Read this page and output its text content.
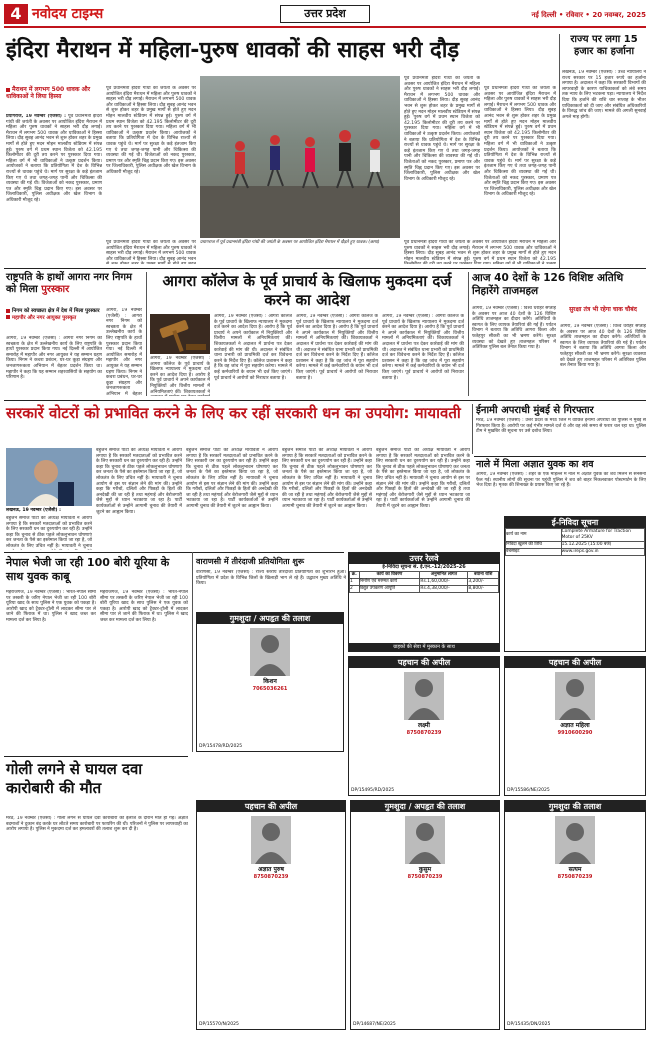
4 नवोदय टाइम्स	उत्तर प्रदेश	नई दिल्ली • रविवार • 20 नवम्बर, 2025
इंदिरा मैराथन में महिला-पुरुष धावकों की साहस भरी दौड़
मैराथन में लगभग 500 धावक और धाविकाओं ने लिया हिस्सा
प्रयागराज, 19 नवम्बर (एजेंसी) : पूर्व प्रधानमंत्री इंदिरा गांधी की जयंती के अवसर पर आयोजित इंदिरा मैराथन में महिला और पुरुष धावकों ने साहस भरी दौड़ लगाई। मैराथन में लगभग 500 धावक और धाविकाओं ने हिस्सा लिया। दौड़ सुबह आनंद भवन से शुरू होकर शहर के प्रमुख मार्गों से होते हुए मदन मोहन मालवीय स्टेडियम में संपन्न हुई। पुरुष वर्ग में प्रथम स्थान विजेता को 42.195 किलोमीटर की दूरी तय करने पर पुरस्कार दिया गया। महिला वर्ग में भी धाविकाओं ने उत्कृष्ट प्रदर्शन किया। आयोजकों ने बताया कि प्रतियोगिता में देश के विभिन्न राज्यों से धावक पहुंचे थे। मार्ग पर सुरक्षा के कड़े इंतजाम किए गए थे तथा जगह-जगह पानी और चिकित्सा की व्यवस्था की गई थी। विजेताओं को नकद पुरस्कार, प्रमाण पत्र और स्मृति चिह्न प्रदान किए गए। इस अवसर पर जिलाधिकारी, पुलिस अधीक्षक और खेल विभाग के अधिकारी मौजूद रहे।
पूर्व प्रधानमंत्री इंदिरा गांधी की जयंती के अवसर पर आयोजित इंदिरा मैराथन में महिला और पुरुष धावकों ने साहस भरी दौड़ लगाई। मैराथन में लगभग 500 धावक और धाविकाओं ने हिस्सा लिया। दौड़ सुबह आनंद भवन से शुरू होकर शहर के प्रमुख मार्गों से होते हुए मदन मोहन मालवीय स्टेडियम में संपन्न हुई। पुरुष वर्ग में प्रथम स्थान विजेता को 42.195 किलोमीटर की दूरी तय करने पर पुरस्कार दिया गया। महिला वर्ग में भी धाविकाओं ने उत्कृष्ट प्रदर्शन किया। आयोजकों ने बताया कि प्रतियोगिता में देश के विभिन्न राज्यों से धावक पहुंचे थे। मार्ग पर सुरक्षा के कड़े इंतजाम किए गए थे तथा जगह-जगह पानी और चिकित्सा की व्यवस्था की गई थी। विजेताओं को नकद पुरस्कार, प्रमाण पत्र और स्मृति चिह्न प्रदान किए गए। इस अवसर पर जिलाधिकारी, पुलिस अधीक्षक और खेल विभाग के अधिकारी मौजूद रहे।
प्रयागराज में पूर्व प्रधानमंत्री इंदिरा गांधी की जयंती के अवसर पर आयोजित इंदिरा मैराथन में दौड़ते हुए धावक। (छाया)
पूर्व प्रधानमंत्री इंदिरा गांधी की जयंती के अवसर पर आयोजित इंदिरा मैराथन में महिला और पुरुष धावकों ने साहस भरी दौड़ लगाई। मैराथन में लगभग 500 धावक और धाविकाओं ने हिस्सा लिया। दौड़ सुबह आनंद भवन से शुरू होकर शहर के प्रमुख मार्गों से होते हुए मदन मोहन मालवीय स्टेडियम में संपन्न हुई। पुरुष वर्ग में प्रथम स्थान विजेता को 42.195 किलोमीटर की दूरी तय करने पर पुरस्कार दिया गया। महिला वर्ग में भी धाविकाओं ने उत्कृष्ट प्रदर्शन किया। आयोजकों ने बताया कि प्रतियोगिता में देश के विभिन्न राज्यों से धावक पहुंचे थे। मार्ग पर सुरक्षा के कड़े इंतजाम किए गए थे तथा जगह-जगह पानी और चिकित्सा की व्यवस्था की गई थी। विजेताओं को नकद पुरस्कार, प्रमाण पत्र और स्मृति चिह्न प्रदान किए गए। इस अवसर पर जिलाधिकारी, पुलिस अधीक्षक और खेल विभाग के अधिकारी मौजूद रहे।
पूर्व प्रधानमंत्री इंदिरा गांधी की जयंती के अवसर पर आयोजित इंदिरा मैराथन में महिला और पुरुष धावकों ने साहस भरी दौड़ लगाई। मैराथन में लगभग 500 धावक और धाविकाओं ने हिस्सा लिया। दौड़ सुबह आनंद भवन से शुरू होकर शहर के प्रमुख मार्गों से होते हुए मदन मोहन मालवीय स्टेडियम में संपन्न हुई। पुरुष वर्ग में प्रथम स्थान विजेता को 42.195 किलोमीटर की दूरी तय करने पर पुरस्कार दिया गया। महिला वर्ग में भी धाविकाओं ने उत्कृष्ट प्रदर्शन किया। आयोजकों ने बताया कि प्रतियोगिता में देश के विभिन्न राज्यों से धावक पहुंचे थे। मार्ग पर सुरक्षा के कड़े इंतजाम किए गए थे तथा जगह-जगह पानी और चिकित्सा की व्यवस्था की गई थी। विजेताओं को नकद पुरस्कार, प्रमाण पत्र और स्मृति चिह्न प्रदान किए गए। इस अवसर पर जिलाधिकारी, पुलिस अधीक्षक और खेल विभाग के अधिकारी मौजूद रहे।
पूर्व प्रधानमंत्री इंदिरा गांधी की जयंती के अवसर पर आयोजित इंदिरा मैराथन में महिला और पुरुष धावकों ने साहस भरी दौड़ लगाई। मैराथन में लगभग 500 धावक और धाविकाओं ने हिस्सा लिया। दौड़ सुबह आनंद भवन
पूर्व प्रधानमंत्री इंदिरा गांधी की जयंती के अवसर पर आयोजित इंदिरा मैराथन में महिला और पुरुष धावकों ने साहस भरी दौड़ लगाई। मैराथन में लगभग 500 धावक और धाविकाओं ने हिस्सा लिया। दौड़ सुबह आनंद भवन से शुरू होकर शहर के प्रमुख मार्गों से होते हुए मदन मोहन मालवीय स्टेडियम में संपन्न हुई। पुरुष वर्ग में प्रथम स्थान विजेता को 42.195
राज्य पर लगा 15 हजार का हर्जाना
लखनऊ, 19 नवम्बर (एजेंसी) : उच्च न्यायालय ने राज्य सरकार पर 15 हजार रुपये का हर्जाना लगाया है। अदालत ने कहा कि सरकारी विभागों की लापरवाही के कारण याचिकाकर्ता को लंबे समय तक न्याय के लिए भटकना पड़ा। न्यायालय ने निर्देश दिया कि हर्जाने की राशि चार सप्ताह के भीतर याचिकाकर्ता को दी जाए और संबंधित अधिकारियों के विरुद्ध जांच की जाए। मामले की अगली सुनवाई अगले माह होगी।
राष्ट्रपति के हाथों आगरा नगर निगम को मिला पुरस्कार
निगम को स्वच्छता क्षेत्र में देश में मिला पुरस्कार
महापौर और नगर आयुक्त पुरस्कृत
आगरा, 19 नवम्बर (एजेंसी) : आगरा नगर निगम को स्वच्छता के क्षेत्र में उल्लेखनीय कार्य के लिए राष्ट्रपति के हाथों पुरस्कार प्रदान किया गया। नई दिल्ली में आयोजित समारोह में महापौर और नगर आयुक्त ने यह सम्मान ग्रहण किया। निगम ने कचरा प्रबंधन, घर-घर कूड़ा संग्रहण और जनजागरूकता अभियान में बेहतर प्रदर्शन किया था। महापौर ने कहा कि यह सम्मान शहरवासियों के सहयोग का परिणाम है।
आगरा, 19 नवम्बर (एजेंसी) : आगरा नगर निगम को स्वच्छता के क्षेत्र में उल्लेखनीय कार्य के लिए राष्ट्रपति के हाथों पुरस्कार प्रदान किया गया। नई दिल्ली में आयोजित समारोह में महापौर और नगर आयुक्त ने यह सम्मान ग्रहण किया। निगम ने कचरा प्रबंधन, घर-घर कूड़ा संग्रहण और जनजागरूकता अभियान में बेहतर
आगरा कॉलेज के पूर्व प्राचार्य के खिलाफ मुकदमा दर्ज करने का आदेश
आगरा, 19 नवम्बर (एजेंसी) : आगरा कॉलेज के पूर्व प्राचार्य के खिलाफ न्यायालय ने मुकदमा दर्ज करने का आदेश दिया है। आरोप है कि पूर्व प्राचार्य ने अपने कार्यकाल में नियुक्तियों और वित्तीय मामलों में अनियमितताएं कीं। शिकायतकर्ता ने अदालत में प्रार्थना पत्र देकर कार्रवाई की मांग की थी। अदालत ने संबंधित थाना प्रभारी को प्राथमिकी दर्ज कर विवेचना करने के निर्देश दिए हैं। कॉलेज प्रशासन ने कहा है कि वह जांच में पूरा सहयोग करेगा। मामले में कई कर्मचारियों के बयान भी दर्ज किए जाएंगे। पूर्व प्राचार्य ने आरोपों को निराधार बताया है।
आगरा, 19 नवम्बर (एजेंसी) : आगरा कॉलेज के पूर्व प्राचार्य के खिलाफ न्यायालय ने मुकदमा दर्ज करने का आदेश दिया है। आरोप है कि पूर्व प्राचार्य ने अपने कार्यकाल में नियुक्तियों और वित्तीय मामलों में अनियमितताएं कीं। शिकायतकर्ता ने
आगरा, 19 नवम्बर (एजेंसी) : आगरा कॉलेज के पूर्व प्राचार्य के खिलाफ न्यायालय ने मुकदमा दर्ज करने का आदेश दिया है। आरोप है कि पूर्व प्राचार्य ने अपने कार्यकाल में नियुक्तियों और वित्तीय मामलों में अनियमितताएं कीं। शिकायतकर्ता ने अदालत में प्रार्थना पत्र देकर कार्रवाई की मांग की थी। अदालत ने संबंधित थाना प्रभारी को प्राथमिकी दर्ज कर विवेचना करने के निर्देश दिए हैं। कॉलेज प्रशासन ने कहा है कि वह जांच में पूरा सहयोग करेगा। मामले में कई कर्मचारियों के बयान भी दर्ज किए जाएंगे। पूर्व प्राचार्य ने आरोपों को निराधार बताया है।
आगरा, 19 नवम्बर (एजेंसी) : आगरा कॉलेज के पूर्व प्राचार्य के खिलाफ न्यायालय ने मुकदमा दर्ज करने का आदेश दिया है। आरोप है कि पूर्व प्राचार्य ने अपने कार्यकाल में नियुक्तियों और वित्तीय मामलों में अनियमितताएं कीं। शिकायतकर्ता ने अदालत में प्रार्थना पत्र देकर कार्रवाई की मांग की थी। अदालत ने संबंधित थाना प्रभारी को प्राथमिकी दर्ज कर विवेचना करने के निर्देश दिए हैं। कॉलेज प्रशासन ने कहा है कि वह जांच में पूरा सहयोग करेगा। मामले में कई कर्मचारियों के बयान भी दर्ज किए जाएंगे। पूर्व प्राचार्य ने आरोपों को निराधार बताया है।
आज 40 देशों के 126 विशिष्ट अतिथि निहारेंगे ताजमहल
आगरा, 19 नवम्बर (एजेंसी) : विश्व धरोहर सप्ताह के अवसर पर आज 40 देशों के 126 विशिष्ट अतिथि ताजमहल का दीदार करेंगे। अतिथियों के स्वागत के लिए व्यापक तैयारियां की गई हैं। पर्यटन विभाग ने बताया कि अतिथि आगरा किला और फतेहपुर सीकरी का भी भ्रमण करेंगे। सुरक्षा व्यवस्था को देखते हुए ताजमहल परिसर में अतिरिक्त पुलिस बल तैनात किया गया है।
सुरक्षा तंत्र भी रहेगा चाक चौबंद
आगरा, 19 नवम्बर (एजेंसी) : विश्व धरोहर सप्ताह के अवसर पर आज 40 देशों के 126 विशिष्ट अतिथि ताजमहल का दीदार करेंगे। अतिथियों के स्वागत के लिए व्यापक तैयारियां की गई हैं। पर्यटन विभाग ने बताया कि अतिथि आगरा किला और फतेहपुर सीकरी का भी भ्रमण करेंगे। सुरक्षा व्यवस्था को देखते हुए ताजमहल परिसर में अतिरिक्त पुलिस बल तैनात किया गया है।
सरकारें वोटरों को प्रभावित करने के लिए कर रहीं सरकारी धन का उपयोग: मायावती
लखनऊ, 19 नवम्बर (एजेंसी) :
बहुजन समाज पार्टी की अध्यक्ष मायावती ने आरोप लगाया है कि सरकारें मतदाताओं को प्रभावित करने के लिए सरकारी धन का दुरुपयोग कर रही हैं। उन्होंने कहा कि चुनाव से ठीक पहले लोकलुभावन घोषणाएं कर जनता के पैसे का इस्तेमाल किया जा रहा है, जो लोकतंत्र के लिए उचित नहीं है। मायावती ने चुनाव
बहुजन समाज पार्टी की अध्यक्ष मायावती ने आरोप लगाया है कि सरकारें मतदाताओं को प्रभावित करने के लिए सरकारी धन का दुरुपयोग कर रही हैं। उन्होंने कहा कि चुनाव से ठीक पहले लोकलुभावन घोषणाएं कर जनता के पैसे का इस्तेमाल किया जा रहा है, जो लोकतंत्र के लिए उचित नहीं है। मायावती ने चुनाव आयोग से इस पर संज्ञान लेने की मांग की। उन्होंने कहा कि गरीबों, दलितों और पिछड़ों के हितों की अनदेखी की जा रही है तथा महंगाई और बेरोजगारी जैसे मुद्दों से ध्यान भटकाया जा रहा है। पार्टी कार्यकर्ताओं से उन्होंने आगामी चुनाव की तैयारी में जुटने का आह्वान किया।
बहुजन समाज पार्टी की अध्यक्ष मायावती ने आरोप लगाया है कि सरकारें मतदाताओं को प्रभावित करने के लिए सरकारी धन का दुरुपयोग कर रही हैं। उन्होंने कहा कि चुनाव से ठीक पहले लोकलुभावन घोषणाएं कर जनता के पैसे का इस्तेमाल किया जा रहा है, जो लोकतंत्र के लिए उचित नहीं है। मायावती ने चुनाव आयोग से इस पर संज्ञान लेने की मांग की। उन्होंने कहा कि गरीबों, दलितों और पिछड़ों के हितों की अनदेखी की जा रही है तथा महंगाई और बेरोजगारी जैसे मुद्दों से ध्यान भटकाया जा रहा है। पार्टी कार्यकर्ताओं से उन्होंने आगामी चुनाव की तैयारी में जुटने का आह्वान किया।
बहुजन समाज पार्टी की अध्यक्ष मायावती ने आरोप लगाया है कि सरकारें मतदाताओं को प्रभावित करने के लिए सरकारी धन का दुरुपयोग कर रही हैं। उन्होंने कहा कि चुनाव से ठीक पहले लोकलुभावन घोषणाएं कर जनता के पैसे का इस्तेमाल किया जा रहा है, जो लोकतंत्र के लिए उचित नहीं है। मायावती ने चुनाव आयोग से इस पर संज्ञान लेने की मांग की। उन्होंने कहा कि गरीबों, दलितों और पिछड़ों के हितों की अनदेखी की जा रही है तथा महंगाई और बेरोजगारी जैसे मुद्दों से ध्यान भटकाया जा रहा है। पार्टी कार्यकर्ताओं से उन्होंने आगामी चुनाव की तैयारी में जुटने का आह्वान किया।
बहुजन समाज पार्टी की अध्यक्ष मायावती ने आरोप लगाया है कि सरकारें मतदाताओं को प्रभावित करने के लिए सरकारी धन का दुरुपयोग कर रही हैं। उन्होंने कहा कि चुनाव से ठीक पहले लोकलुभावन घोषणाएं कर जनता के पैसे का इस्तेमाल किया जा रहा है, जो लोकतंत्र के लिए उचित नहीं है। मायावती ने चुनाव आयोग से इस पर संज्ञान लेने की मांग की। उन्होंने कहा कि गरीबों, दलितों और पिछड़ों के हितों की अनदेखी की जा रही है तथा महंगाई और बेरोजगारी जैसे मुद्दों से ध्यान भटकाया जा रहा है। पार्टी कार्यकर्ताओं से उन्होंने आगामी चुनाव की तैयारी में जुटने का आह्वान किया।
ईनामी अपराधी मुंबई से गिरफ्तार
मेरठ, 19 नवम्बर (एजेंसी) : उत्तर प्रदेश के मेरठ जिले में वांछित ईनामी अपराधी को पुलिस ने मुंबई से गिरफ्तार किया है। आरोपी पर कई गंभीर मामले दर्ज थे और वह लंबे समय से फरार चल रहा था। पुलिस टीम ने मुखबिर की सूचना पर उसे दबोच लिया।
नाले में मिला अज्ञात युवक का शव
आगरा, 19 नवम्बर (एजेंसी) : शहर के एक मोहल्ले में नाले में अज्ञात युवक का शव मिलने से सनसनी फैल गई। स्थानीय लोगों की सूचना पर पहुंची पुलिस ने शव को बाहर निकलवाकर पोस्टमार्टम के लिए भेज दिया है। मृतक की शिनाख्त के प्रयास किए जा रहे हैं।
उत्तर रेलवे
ई-निविदा सूचना सं. ई.एन.-12/2025-26
क्र.	कार्य का विवरण	अनुमानित लागत	बयाना राशि
1	निर्माण एवं मरम्मत कार्य	Rs.1,60,000/-	3,200/-
2	विद्युत उपकरण आपूर्ति	Rs.4,38,000/-	8,800/-
ग्राहकों की सेवा में मुस्कान के साथ
ई-निविदा सूचना
कार्य का नाम	Complete Armature for Traction Motor of 25KV
निविदा खुलने की तिथि	15.12.2025 (15:00 बजे)
वेबसाइट	www.ireps.gov.in
नेपाल भेजी जा रही 100 बोरी यूरिया के साथ युवक काबू
महराजगंज, 19 नवम्बर (एजेंसी) : भारत-नेपाल सीमा पर तस्करी के जरिए नेपाल भेजी जा रही 100 बोरी यूरिया खाद के साथ पुलिस ने एक युवक को पकड़ा है। आरोपी खाद को ट्रैक्टर-ट्रॉली में लादकर सीमा पार ले जाने की फिराक में था। पुलिस ने खाद जब्त कर मामला दर्ज कर लिया है।
महराजगंज, 19 नवम्बर (एजेंसी) : भारत-नेपाल सीमा पर तस्करी के जरिए नेपाल भेजी जा रही 100 बोरी यूरिया खाद के साथ पुलिस ने एक युवक को पकड़ा है। आरोपी खाद को ट्रैक्टर-ट्रॉली में लादकर सीमा पार ले जाने की फिराक में था। पुलिस ने खाद जब्त कर मामला दर्ज कर लिया है।
वाराणसी में तीरंदाजी प्रतियोगिता शुरू
वाराणसी, 19 नवम्बर (एजेंसी) : राज्य स्तरीय तीरंदाजी प्रतियोगिता का शुभारंभ हुआ। प्रतियोगिता में प्रदेश के विभिन्न जिलों के खिलाड़ी भाग ले रहे हैं। उद्घाटन मुख्य अतिथि ने किया।
गोली लगने से घायल दवा कारोबारी की मौत
मेरठ, 19 नवम्बर (एजेंसी) : गोली लगने से घायल दवा कारोबारी की इलाज के दौरान मौत हो गई। अज्ञात बदमाशों ने दुकान बंद करके घर लौटते समय कारोबारी पर फायरिंग की थी। परिजनों ने पुलिस पर लापरवाही का आरोप लगाया है। पुलिस ने मुकदमा दर्ज कर हमलावरों की तलाश शुरू कर दी है।
गुमशुदा / अपहृत की तलाश
किशन
7065036261
DP/15478/RD/2025
पहचान की अपील
लक्ष्मी
8750870239
DP/15495/RD/2025
पहचान की अपील
अज्ञात महिला
9910600290
DP/15586/NE/2025
पहचान की अपील
अज्ञात पुरुष
8750870239
DP/15570/N/2025
गुमशुदा / अपहृत की तलाश
कुसुम
8750870239
DP/14687/NE/2025
गुमशुदा की तलाश
सत्यम
8750870239
DP/15435/DN/2025
